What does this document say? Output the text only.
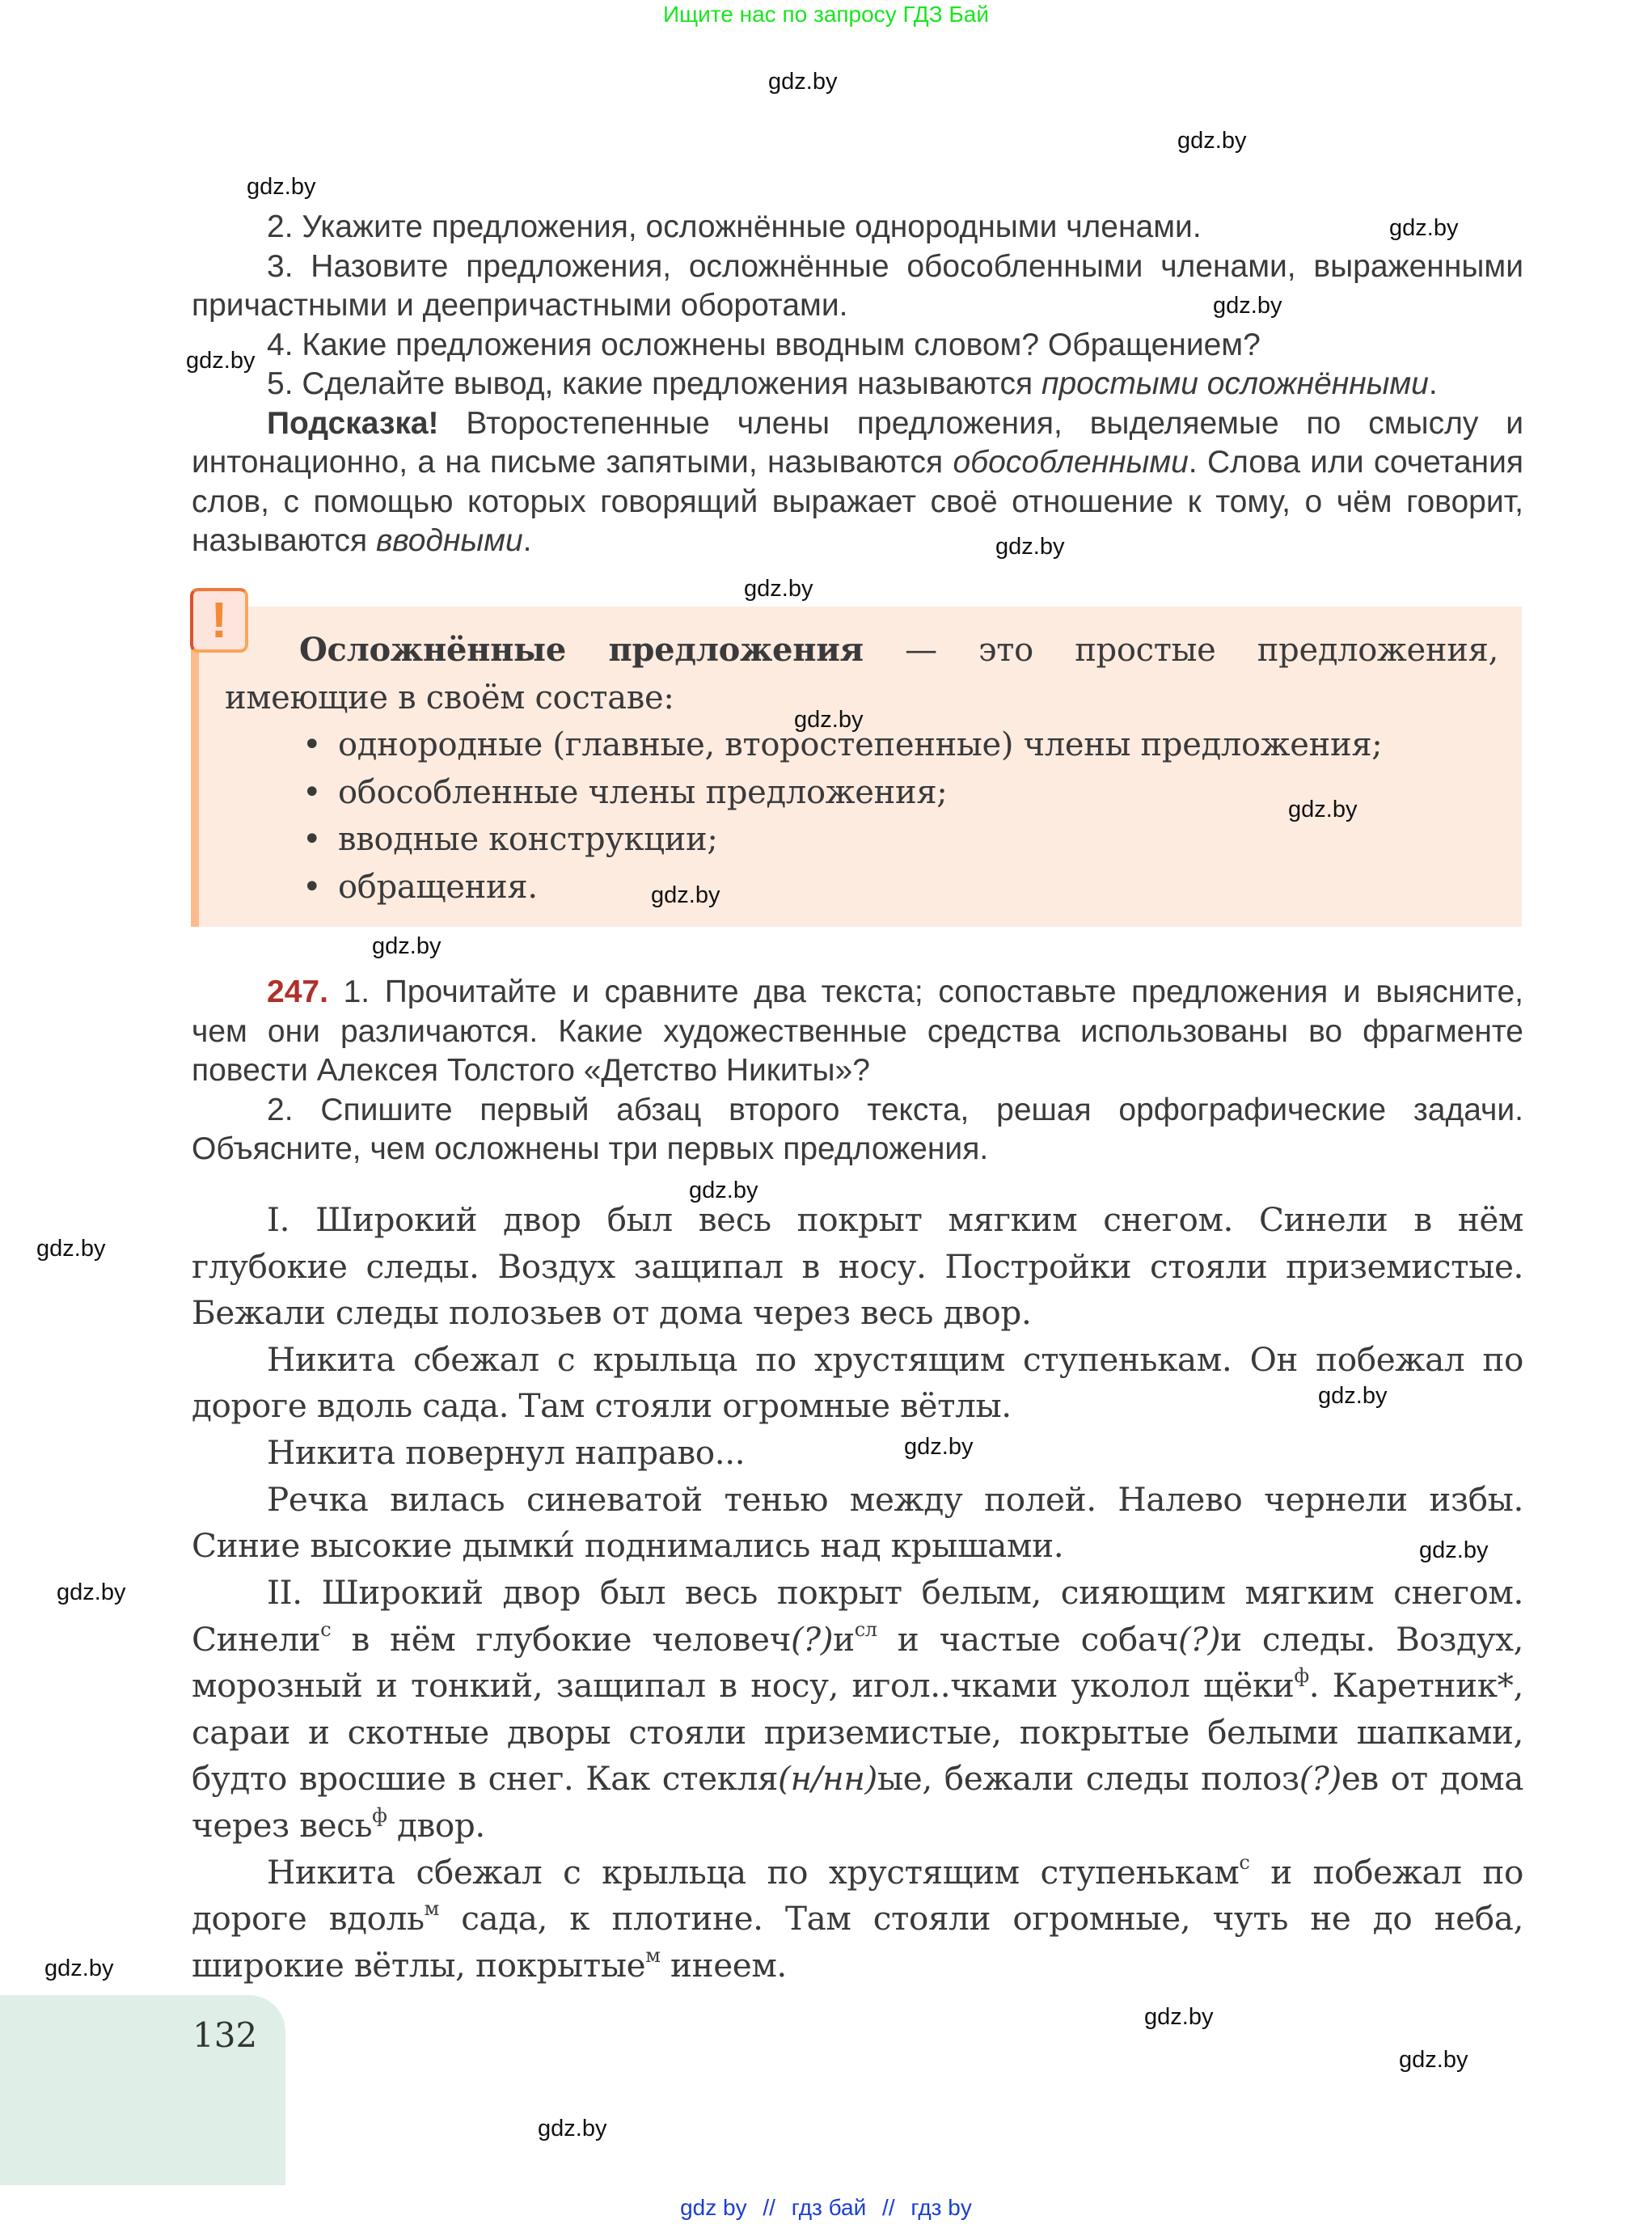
Ищите нас по запросу ГДЗ Бай

2. Укажите предложения, осложнённые однородными членами.

3. Назовите предложения, осложнённые обособленными членами, выраженными причастными и деепричастными оборотами.

4. Какие предложения осложнены вводным словом? Обращением?

5. Сделайте вывод, какие предложения называются простыми осложнёнными.

Подсказка! Второстепенные члены предложения, выделяемые по смыслу и интонационно, а на письме запятыми, называются обособленными. Слова или сочетания слов, с помощью которых говорящий выражает своё отношение к тому, о чём говорит, называются вводными.

!

Осложнённые предложения — это простые предложения, имеющие в своём составе:

• однородные (главные, второстепенные) члены предложения;
• обособленные члены предложения;
• вводные конструкции;
• обращения.

247. 1. Прочитайте и сравните два текста; сопоставьте предложения и выясните, чем они различаются. Какие художественные средства использованы во фрагменте повести Алексея Толстого «Детство Никиты»?

2. Спишите первый абзац второго текста, решая орфографические задачи. Объясните, чем осложнены три первых предложения.

I. Широкий двор был весь покрыт мягким снегом. Синели в нём глубокие следы. Воздух защипал в носу. Постройки стояли приземистые. Бежали следы полозьев от дома через весь двор.

Никита сбежал с крыльца по хрустящим ступенькам. Он побежал по дороге вдоль сада. Там стояли огромные вётлы.

Никита повернул направо...

Речка вилась синеватой тенью между полей. Налево чернели избы. Синие высокие дымки́ поднимались над крышами.

II. Широкий двор был весь покрыт белым, сияющим мягким снегом. Синели$^с$ в нём глубокие $человеч(?)и^{сл}$ и частые собач(?)и следы. Воздух, морозный и тонкий, защипал в носу, игол..чками уколол щёки$^ф$. Каретник*, сараи и скотные дворы стояли приземистые, покрытые белыми шапками, будто вросшие в снег. Как стекля(н/нн)ые, бежали следы полоз(?)ев от дома через весь$^ф$ двор.

Никита сбежал с крыльца по хрустящим ступенькам$^с$ и побежал по дороге вдоль$^м$ сада, к плотине. Там стояли огромные, чуть не до неба, широкие вётлы, покрытые$^м$ инеем.

132
gdz.by
gdz.by
gdz.by
gdz.by
gdz.by
gdz.by
gdz.by
gdz.by
gdz.by
gdz.by
gdz.by
gdz.by
gdz.by
gdz.by
gdz.by
gdz.by
gdz.by
gdz.by
gdz.by
gdz.by
gdz.by
gdz.by
gdz by // гдз бай // гдз by
